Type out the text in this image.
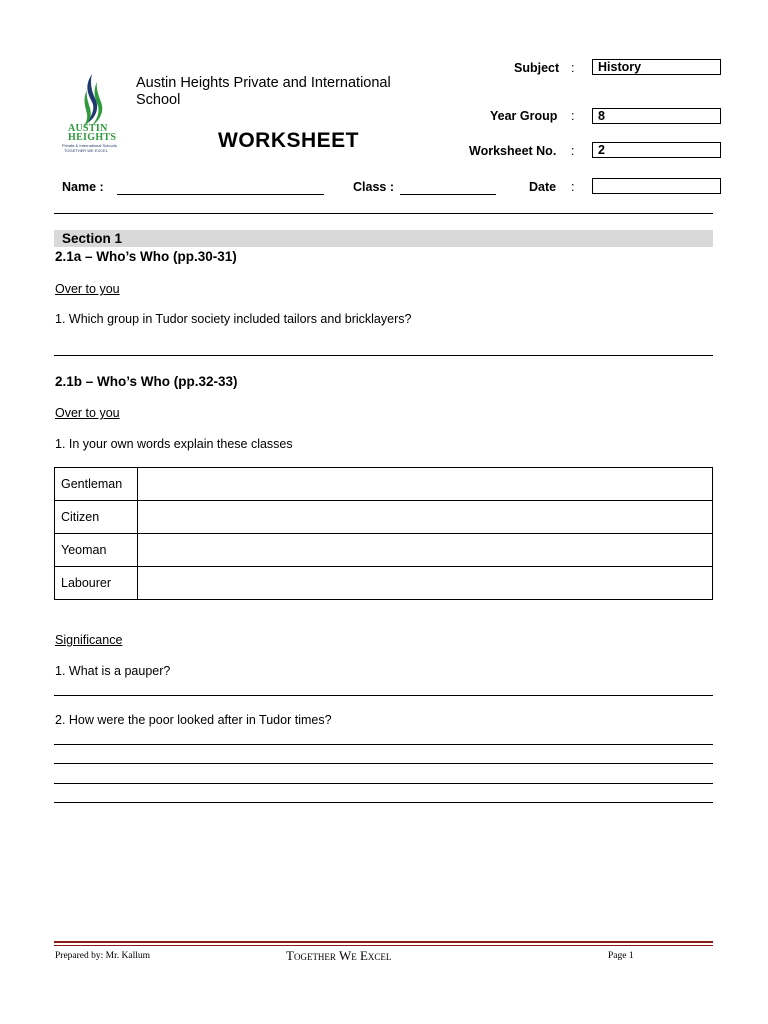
AUSTIN
HEIGHTS
Private & International Schools
TOGETHER WE EXCEL
Austin Heights Private and International School
WORKSHEET
Subject :	History
Year Group :	8
Worksheet No. :	2
Name :	Class :	Date :
Section 1
2.1a – Who’s Who (pp.30-31)
Over to you
1. Which group in Tudor society included tailors and bricklayers?
2.1b – Who’s Who (pp.32-33)
Over to you
1. In your own words explain these classes
Gentleman	
Citizen	
Yeoman	
Labourer	
Significance
1. What is a pauper?
2. How were the poor looked after in Tudor times?
Prepared by: Mr. Kallum	Together We Excel	Page 1
